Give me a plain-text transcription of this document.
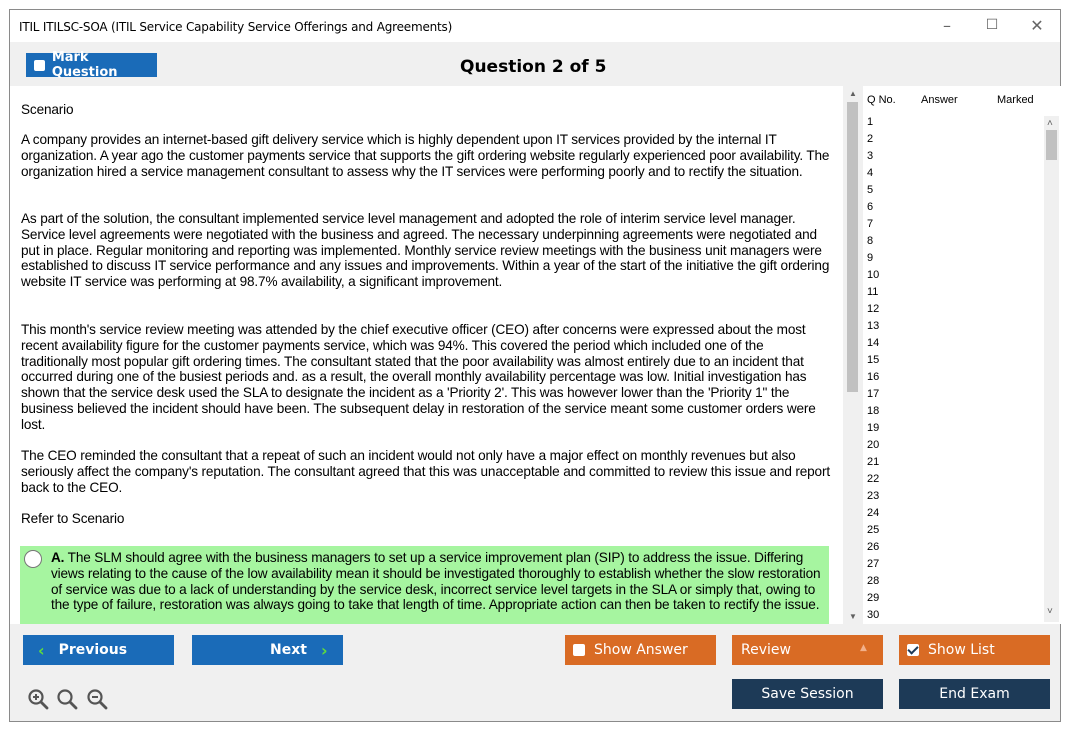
ITIL ITILSC-SOA (ITIL Service Capability Service Offerings and Agreements)	–	☐ ✕
Mark Question	Question 2 of 5

Scenario

A company provides an internet-based gift delivery service which is highly dependent upon IT services provided by the internal IT organization. A year ago the customer payments service that supports the gift ordering website regularly experienced poor availability. The organization hired a service management consultant to assess why the IT services were performing poorly and to rectify the situation.

As part of the solution, the consultant implemented service level management and adopted the role of interim service level manager. Service level agreements were negotiated with the business and agreed. The necessary underpinning agreements were negotiated and put in place. Regular monitoring and reporting was implemented. Monthly service review meetings with the business unit managers were established to discuss IT service performance and any issues and improvements. Within a year of the start of the initiative the gift ordering website IT service was performing at 98.7% availability, a significant improvement.

This month's service review meeting was attended by the chief executive officer (CEO) after concerns were expressed about the most recent availability figure for the customer payments service, which was 94%. This covered the period which included one of the traditionally most popular gift ordering times. The consultant stated that the poor availability was almost entirely due to an incident that occurred during one of the busiest periods and. as a result, the overall monthly availability percentage was low. Initial investigation has shown that the service desk used the SLA to designate the incident as a 'Priority 2'. This was however lower than the 'Priority 1" the business believed the incident should have been. The subsequent delay in restoration of the service meant some customer orders were lost.

The CEO reminded the consultant that a repeat of such an incident would not only have a major effect on monthly revenues but also seriously affect the company's reputation. The consultant agreed that this was unacceptable and committed to review this issue and report back to the CEO.

Refer to Scenario

A. The SLM should agree with the business managers to set up a service improvement plan (SIP) to address the issue. Differing views relating to the cause of the low availability mean it should be investigated thoroughly to establish whether the slow restoration of service was due to a lack of understanding by the service desk, incorrect service level targets in the SLA or simply that, owing to the type of failure, restoration was always going to take that length of time. Appropriate action can then be taken to rectify the issue.
▲
▼
Q No. Answer	Marked
1
2
3
4
5
6
7
8
9
10
11
12
13
14
15
16
17
18
19
20
21
22
23
24
25
26
27
28
29
30
˄
˅
‹ Previous	Next ›	Show Answer	Review	▲	Show List
Save Session	End Exam
